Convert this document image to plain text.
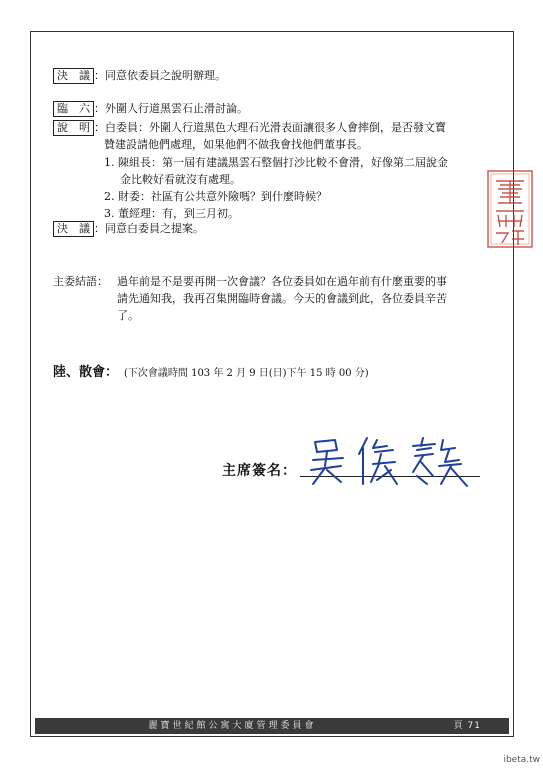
決　議 ：同意依委員之說明辦理。
臨　六 ：外圍人行道黑雲石止滑討論。
說　明 ：白委員：外圍人行道黑色大理石光滑表面讓很多人會摔倒，是否發文寶
贊建設請他們處理，如果他們不做我會找他們董事長。
1. 陳組長：第一屆有建議黑雲石整個打沙比較不會滑，好像第二屆說金
金比較好看就沒有處理。
2. 財委：社區有公共意外險嗎？到什麼時候？
3. 董經理：有，到三月初。
決　議 ：同意白委員之提案。
主委結語： 過年前是不是要再開一次會議？各位委員如在過年前有什麼重要的事
請先通知我，我再召集開臨時會議。今天的會議到此，各位委員辛苦
了。
陸、散會： (下次會議時間 103 年 2 月 9 日(日)下午 15 時 00 分)
主席簽名：
麗寶世紀館公寓大廈管理委員會	頁 71
ibeta.tw
